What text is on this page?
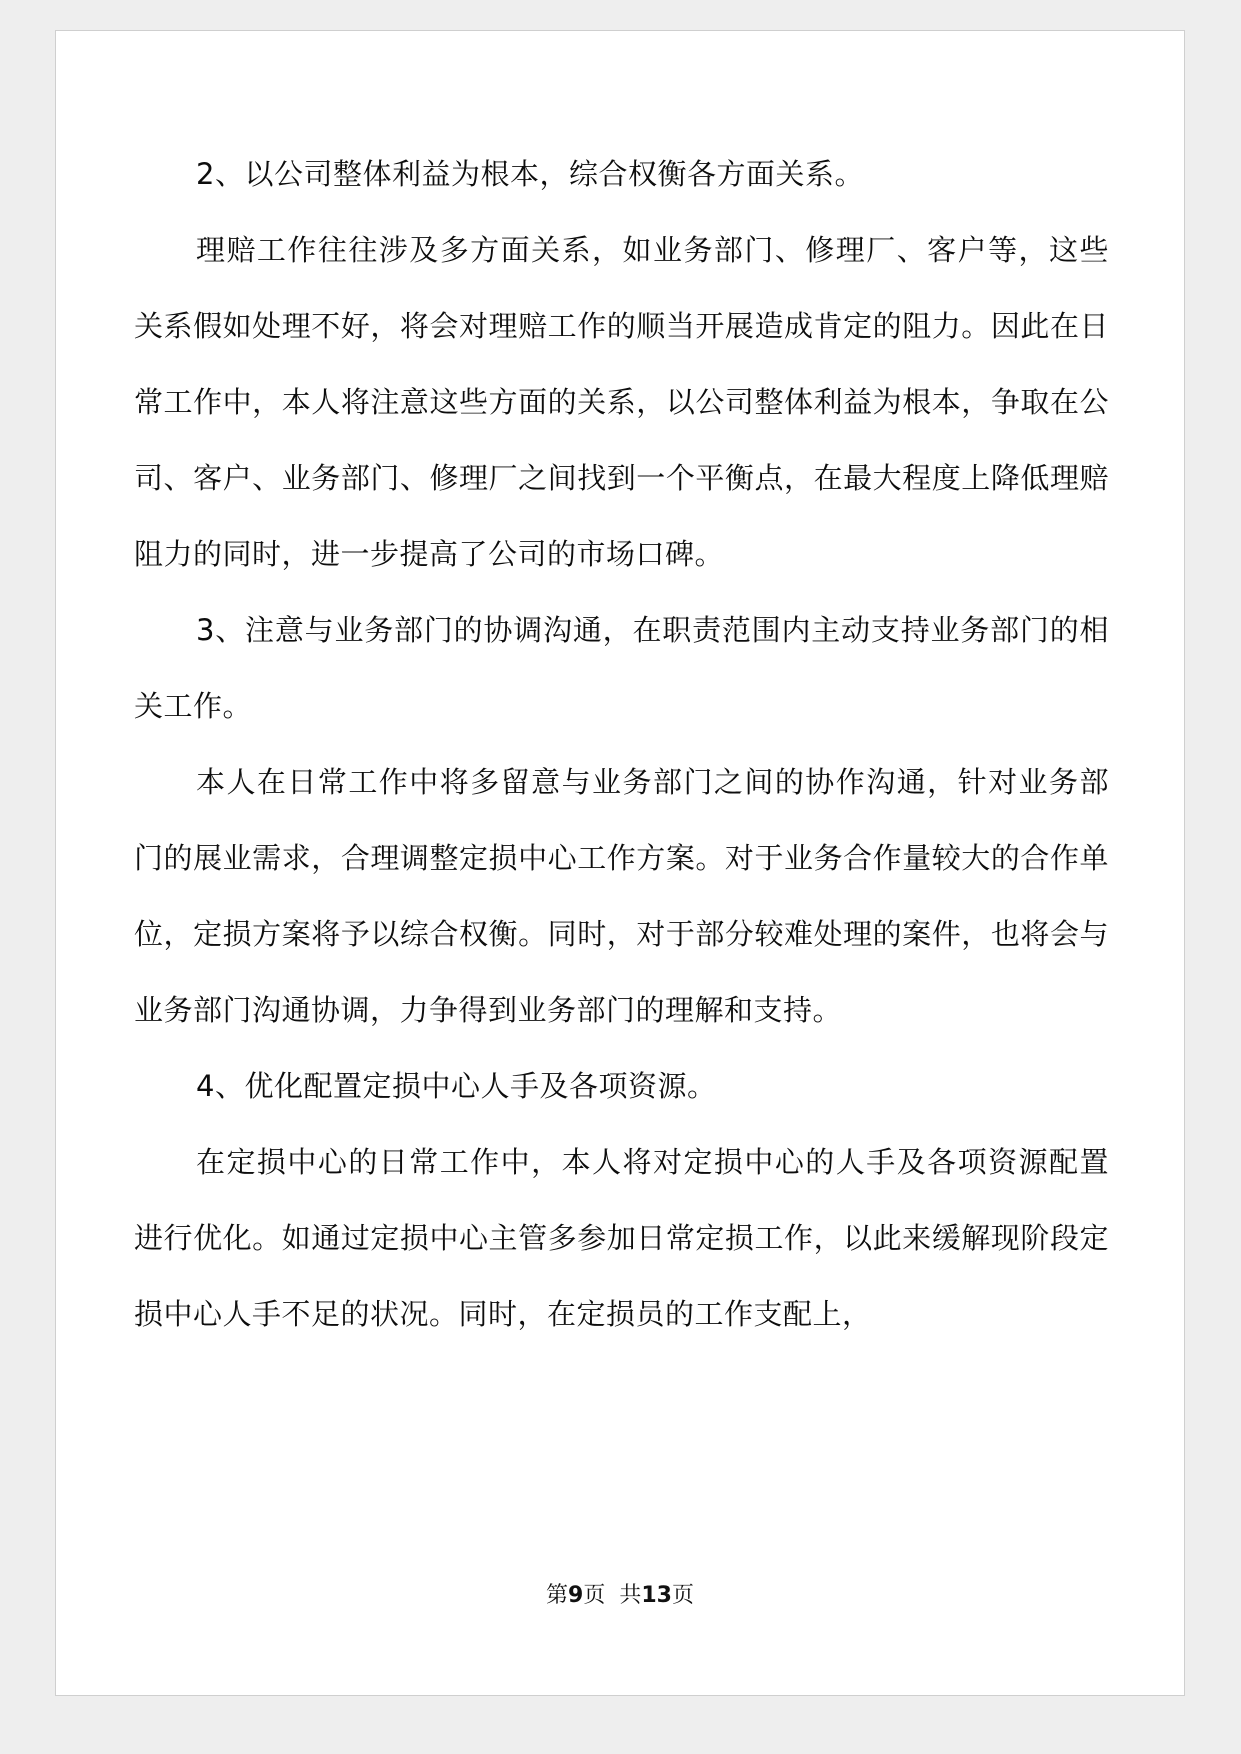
2、以公司整体利益为根本，综合权衡各方面关系。

理赔工作往往涉及多方面关系，如业务部门、修理厂、客户等，这些关系假如处理不好，将会对理赔工作的顺当开展造成肯定的阻力。因此在日常工作中，本人将注意这些方面的关系，以公司整体利益为根本，争取在公司、客户、业务部门、修理厂之间找到一个平衡点，在最大程度上降低理赔阻力的同时，进一步提高了公司的市场口碑。

3、注意与业务部门的协调沟通，在职责范围内主动支持业务部门的相关工作。

本人在日常工作中将多留意与业务部门之间的协作沟通，针对业务部门的展业需求，合理调整定损中心工作方案。对于业务合作量较大的合作单位，定损方案将予以综合权衡。同时，对于部分较难处理的案件，也将会与业务部门沟通协调，力争得到业务部门的理解和支持。

4、优化配置定损中心人手及各项资源。

在定损中心的日常工作中，本人将对定损中心的人手及各项资源配置进行优化。如通过定损中心主管多参加日常定损工作，以此来缓解现阶段定损中心人手不足的状况。同时，在定损员的工作支配上，

第9页 共13页
